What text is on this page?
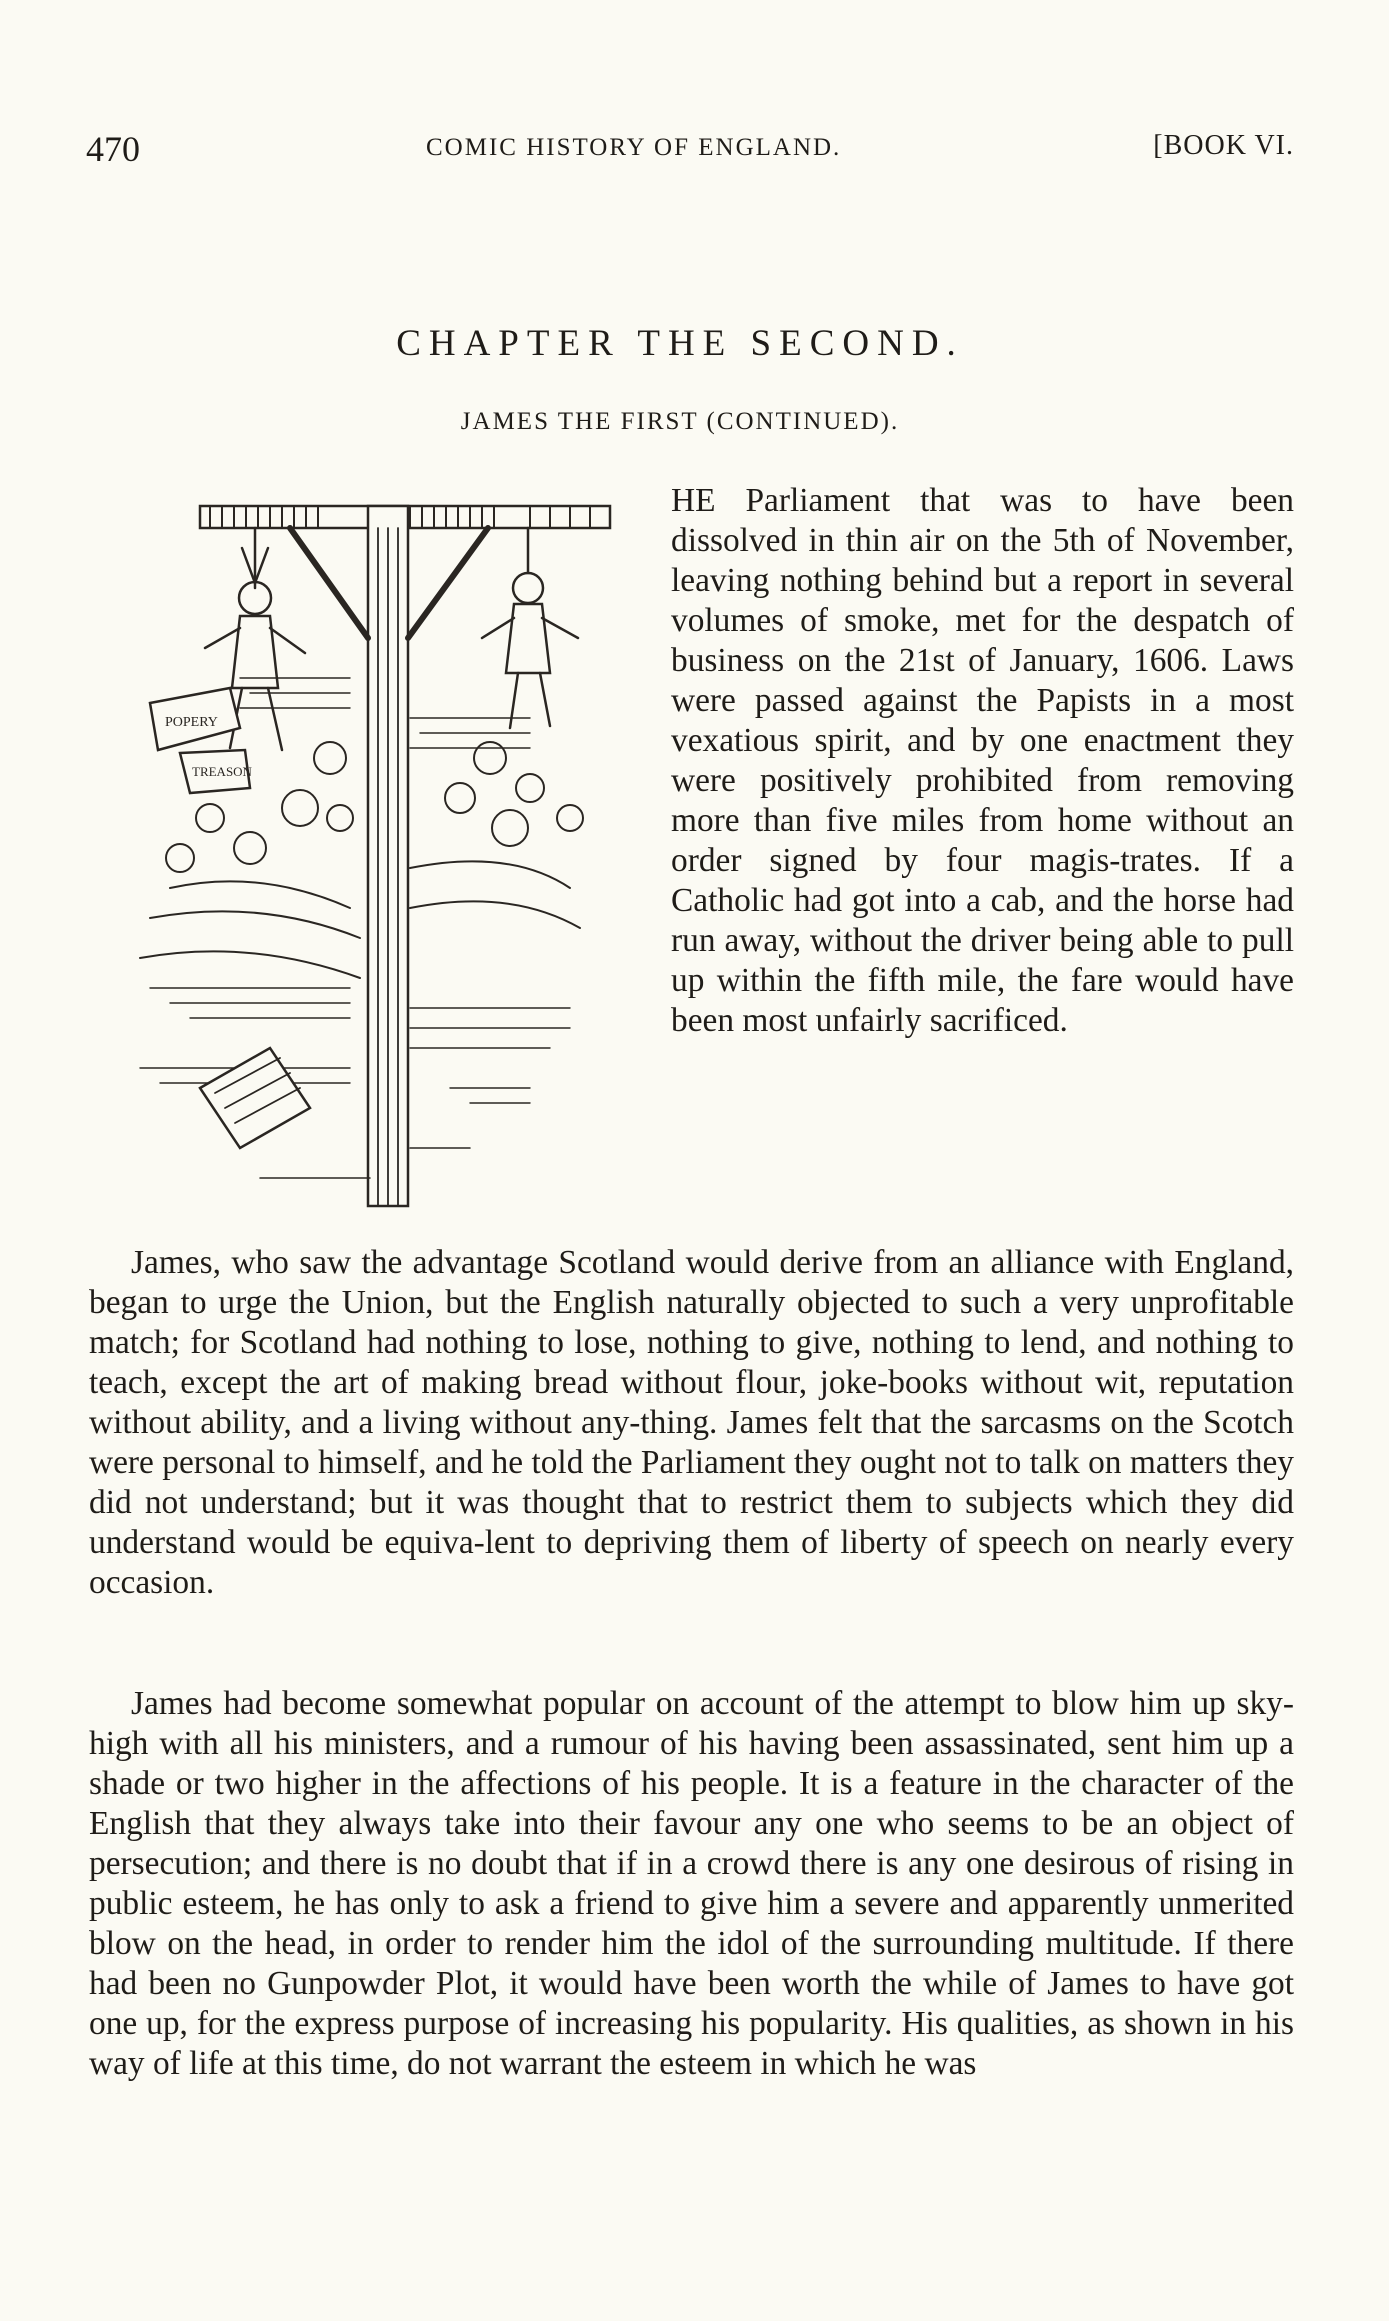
470	COMIC HISTORY OF ENGLAND.	[BOOK VI.
CHAPTER THE SECOND.
JAMES THE FIRST (CONTINUED).
POPERY
TREASON

HE Parliament that was to have been dissolved in thin air on the 5th of November, leaving nothing behind but a report in several volumes of smoke, met for the despatch of business on the 21st of January, 1606. Laws were passed against the Papists in a most vexatious spirit, and by one enactment they were positively prohibited from removing more than five miles from home without an order signed by four magis-trates. If a Catholic had got into a cab, and the horse had run away, without the driver being able to pull up within the fifth mile, the fare would have been most unfairly sacrificed.

James, who saw the advantage Scotland would derive from an alliance with England, began to urge the Union, but the English naturally objected to such a very unprofitable match; for Scotland had nothing to lose, nothing to give, nothing to lend, and nothing to teach, except the art of making bread without flour, joke-books without wit, reputation without ability, and a living without any-thing. James felt that the sarcasms on the Scotch were personal to himself, and he told the Parliament they ought not to talk on matters they did not understand; but it was thought that to restrict them to subjects which they did understand would be equiva-lent to depriving them of liberty of speech on nearly every occasion.

James had become somewhat popular on account of the attempt to blow him up sky-high with all his ministers, and a rumour of his having been assassinated, sent him up a shade or two higher in the affections of his people. It is a feature in the character of the English that they always take into their favour any one who seems to be an object of persecution; and there is no doubt that if in a crowd there is any one desirous of rising in public esteem, he has only to ask a friend to give him a severe and apparently unmerited blow on the head, in order to render him the idol of the surrounding multitude. If there had been no Gunpowder Plot, it would have been worth the while of James to have got one up, for the express purpose of increasing his popularity. His qualities, as shown in his way of life at this time, do not warrant the esteem in which he was
